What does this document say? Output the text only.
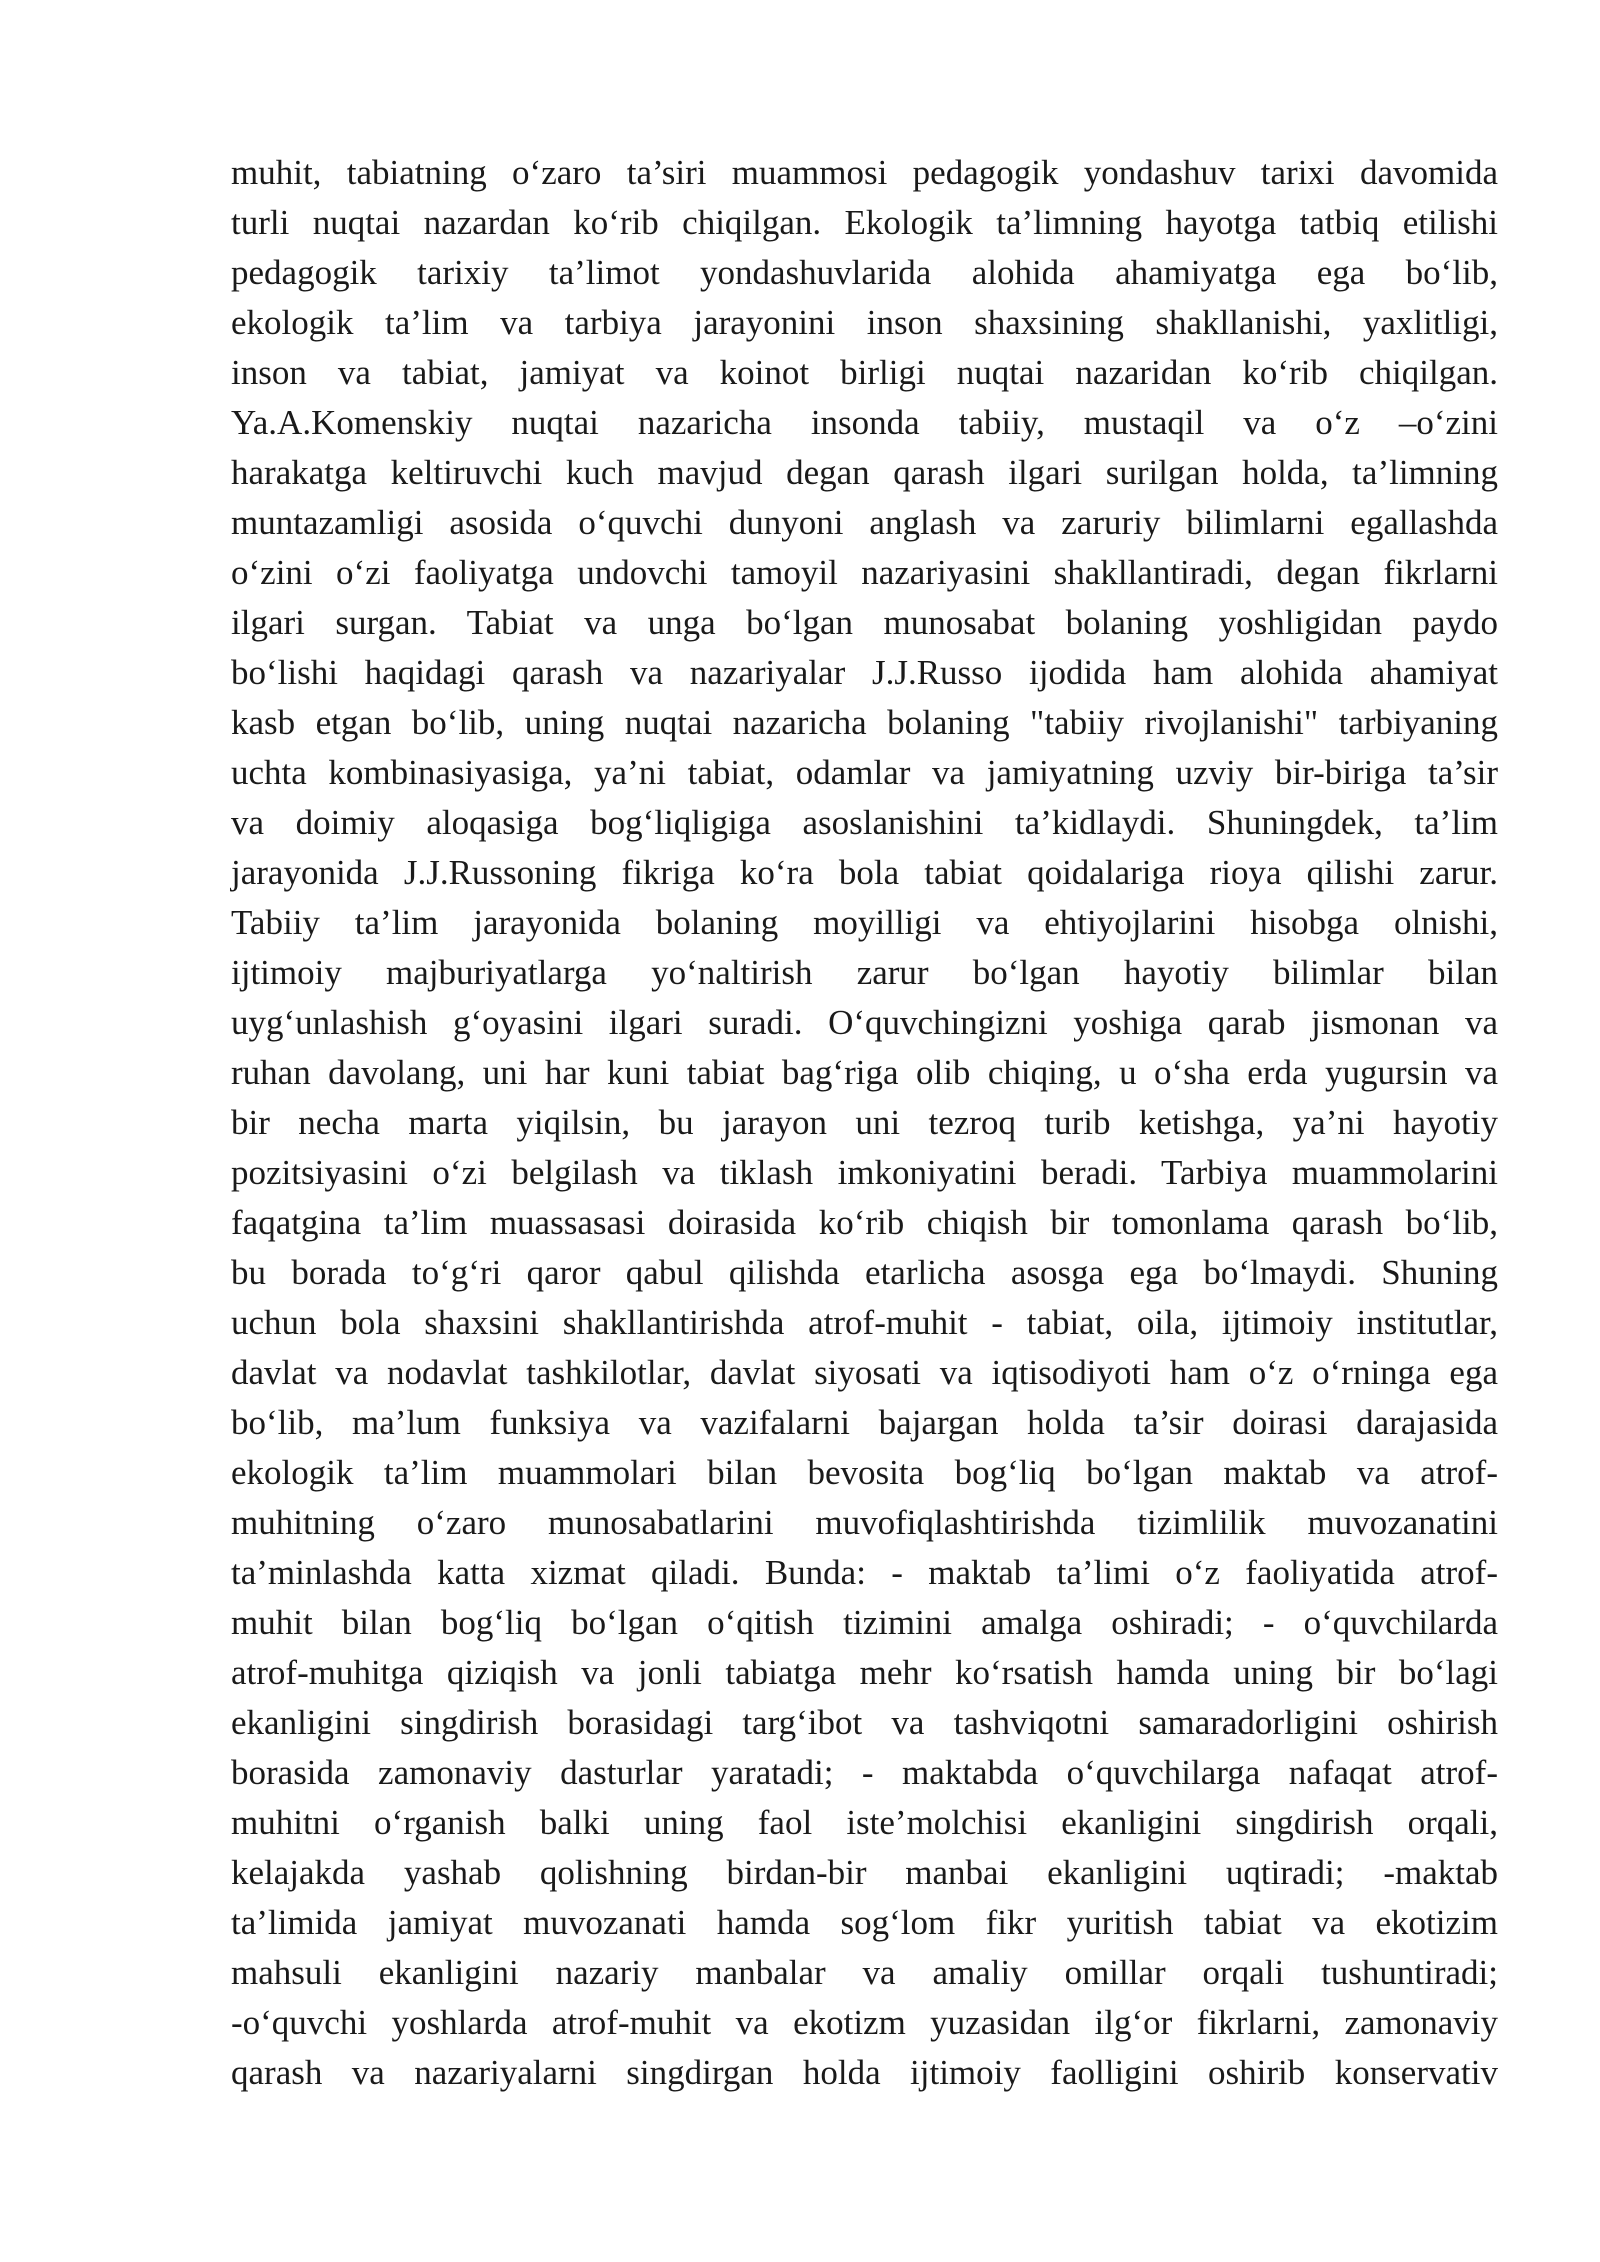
muhit, tabiatning o‘zaro ta’siri muammosi pedagogik yondashuv tarixi davomida
turli nuqtai nazardan ko‘rib chiqilgan. Ekologik ta’limning hayotga tatbiq etilishi
pedagogik tarixiy ta’limot yondashuvlarida alohida ahamiyatga ega bo‘lib,
ekologik ta’lim va tarbiya jarayonini inson shaxsining shakllanishi, yaxlitligi,
inson va tabiat, jamiyat va koinot birligi nuqtai nazaridan ko‘rib chiqilgan.
Ya.A.Komenskiy nuqtai nazaricha insonda tabiiy, mustaqil va o‘z –o‘zini
harakatga keltiruvchi kuch mavjud degan qarash ilgari surilgan holda, ta’limning
muntazamligi asosida o‘quvchi dunyoni anglash va zaruriy bilimlarni egallashda
o‘zini o‘zi faoliyatga undovchi tamoyil nazariyasini shakllantiradi, degan fikrlarni
ilgari surgan. Tabiat va unga bo‘lgan munosabat bolaning yoshligidan paydo
bo‘lishi haqidagi qarash va nazariyalar J.J.Russo ijodida ham alohida ahamiyat
kasb etgan bo‘lib, uning nuqtai nazaricha bolaning "tabiiy rivojlanishi" tarbiyaning
uchta kombinasiyasiga, ya’ni tabiat, odamlar va jamiyatning uzviy bir-biriga ta’sir
va doimiy aloqasiga bog‘liqligiga asoslanishini ta’kidlaydi. Shuningdek, ta’lim
jarayonida J.J.Russoning fikriga ko‘ra bola tabiat qoidalariga rioya qilishi zarur.
Tabiiy ta’lim jarayonida bolaning moyilligi va ehtiyojlarini hisobga olnishi,
ijtimoiy majburiyatlarga yo‘naltirish zarur bo‘lgan hayotiy bilimlar bilan
uyg‘unlashish g‘oyasini ilgari suradi. O‘quvchingizni yoshiga qarab jismonan va
ruhan davolang, uni har kuni tabiat bag‘riga olib chiqing, u o‘sha erda yugursin va
bir necha marta yiqilsin, bu jarayon uni tezroq turib ketishga, ya’ni hayotiy
pozitsiyasini o‘zi belgilash va tiklash imkoniyatini beradi. Tarbiya muammolarini
faqatgina ta’lim muassasasi doirasida ko‘rib chiqish bir tomonlama qarash bo‘lib,
bu borada to‘g‘ri qaror qabul qilishda etarlicha asosga ega bo‘lmaydi. Shuning
uchun bola shaxsini shakllantirishda atrof-muhit - tabiat, oila, ijtimoiy institutlar,
davlat va nodavlat tashkilotlar, davlat siyosati va iqtisodiyoti ham o‘z o‘rninga ega
bo‘lib, ma’lum funksiya va vazifalarni bajargan holda ta’sir doirasi darajasida
ekologik ta’lim muammolari bilan bevosita bog‘liq bo‘lgan maktab va atrof-
muhitning o‘zaro munosabatlarini muvofiqlashtirishda tizimlilik muvozanatini
ta’minlashda katta xizmat qiladi. Bunda: - maktab ta’limi o‘z faoliyatida atrof-
muhit bilan bog‘liq bo‘lgan o‘qitish tizimini amalga oshiradi; - o‘quvchilarda
atrof-muhitga qiziqish va jonli tabiatga mehr ko‘rsatish hamda uning bir bo‘lagi
ekanligini singdirish borasidagi targ‘ibot va tashviqotni samaradorligini oshirish
borasida zamonaviy dasturlar yaratadi; - maktabda o‘quvchilarga nafaqat atrof-
muhitni o‘rganish balki uning faol iste’molchisi ekanligini singdirish orqali,
kelajakda yashab qolishning birdan-bir manbai ekanligini uqtiradi; -maktab
ta’limida jamiyat muvozanati hamda sog‘lom fikr yuritish tabiat va ekotizim
mahsuli ekanligini nazariy manbalar va amaliy omillar orqali tushuntiradi;
-o‘quvchi yoshlarda atrof-muhit va ekotizm yuzasidan ilg‘or fikrlarni, zamonaviy
qarash va nazariyalarni singdirgan holda ijtimoiy faolligini oshirib konservativ
